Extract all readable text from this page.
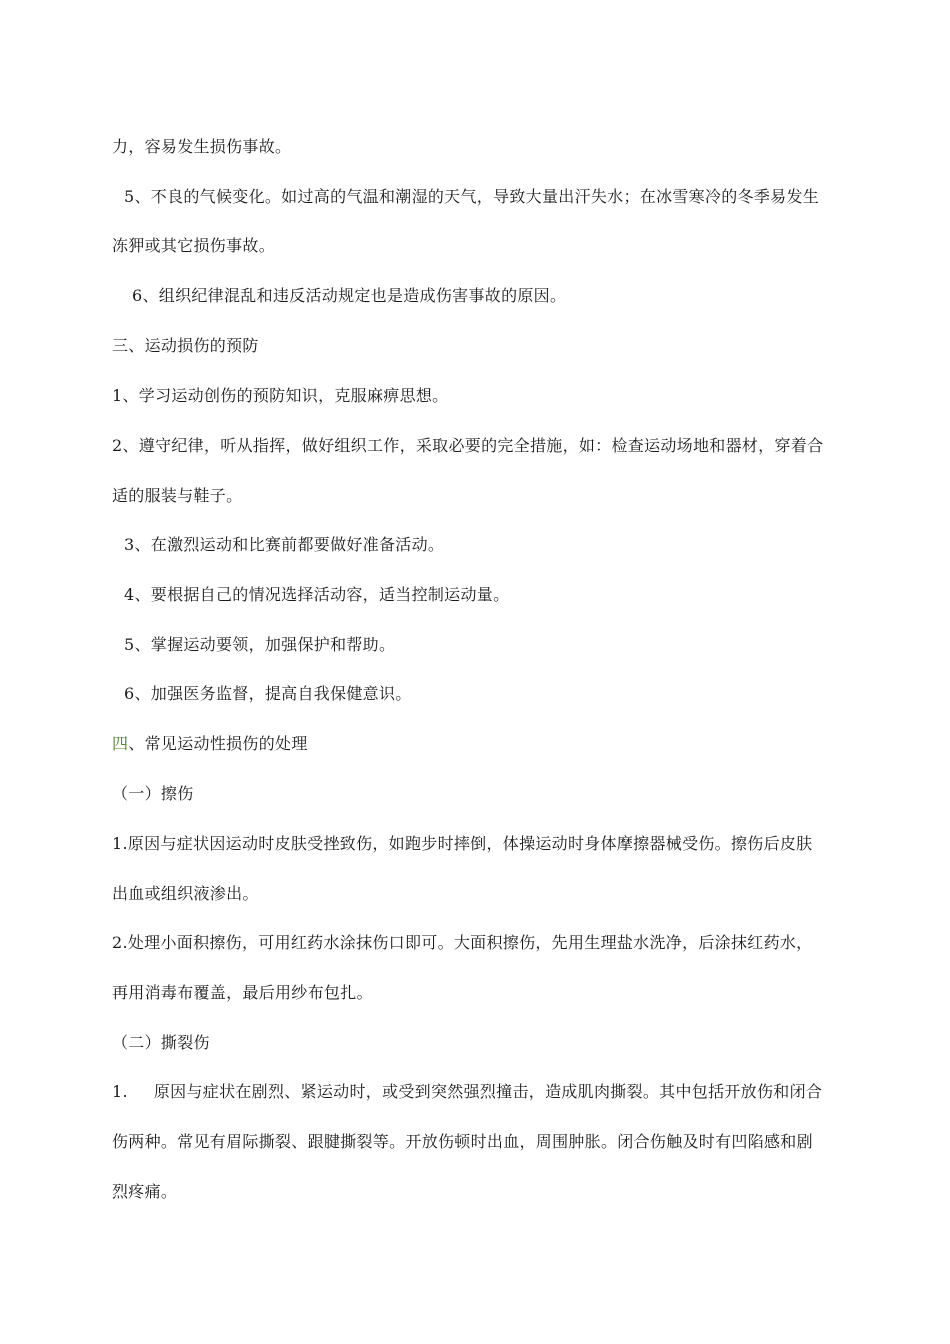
力，容易发生损伤事故。
5、不良的气候变化。如过高的气温和潮湿的天气，导致大量出汗失水；在冰雪寒冷的冬季易发生
冻狎或其它损伤事故。
6、组织纪律混乱和违反活动规定也是造成伤害事故的原因。
三、运动损伤的预防
1、学习运动创伤的预防知识，克服麻痹思想。
2、遵守纪律，听从指挥，做好组织工作，采取必要的完全措施，如：检查运动场地和器材，穿着合
适的服装与鞋子。
3、在激烈运动和比赛前都要做好准备活动。
4、要根据自己的情况选择活动容，适当控制运动量。
5、掌握运动要领，加强保护和帮助。
6、加强医务监督，提高自我保健意识。
四、常见运动性损伤的处理
（一）擦伤
1.原因与症状因运动时皮肤受挫致伤，如跑步时摔倒，体操运动时身体摩擦器械受伤。擦伤后皮肤
出血或组织液渗出。
2.处理小面积擦伤，可用红药水涂抹伤口即可。大面积擦伤，先用生理盐水洗净，后涂抹红药水，
再用消毒布覆盖，最后用纱布包扎。
（二）撕裂伤
1. 原因与症状在剧烈、紧运动时，或受到突然强烈撞击，造成肌肉撕裂。其中包括开放伤和闭合
伤两种。常见有眉际撕裂、跟腱撕裂等。开放伤顿时出血，周围肿胀。闭合伤触及时有凹陷感和剧
烈疼痛。
